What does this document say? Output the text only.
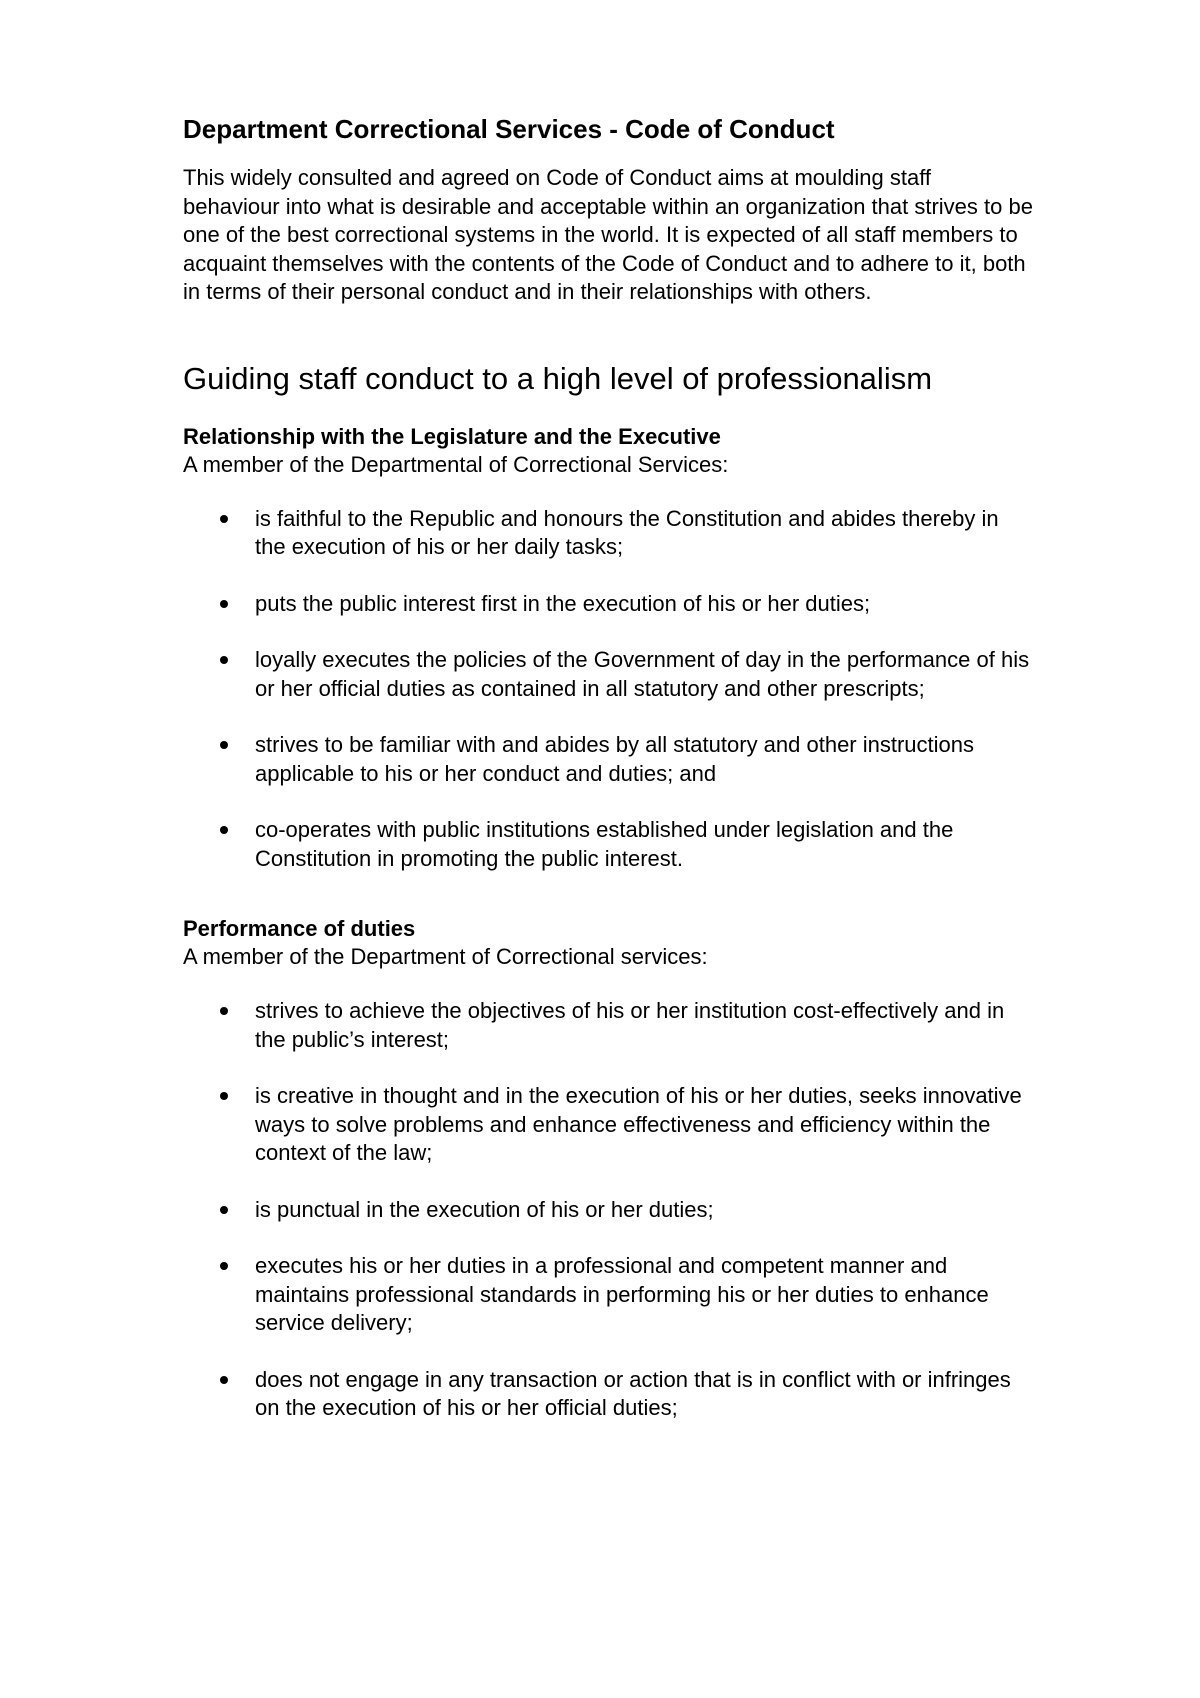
Department Correctional Services - Code of Conduct

This widely consulted and agreed on Code of Conduct aims at moulding staff behaviour into what is desirable and acceptable within an organization that strives to be one of the best correctional systems in the world. It is expected of all staff members to acquaint themselves with the contents of the Code of Conduct and to adhere to it, both in terms of their personal conduct and in their relationships with others.

Guiding staff conduct to a high level of professionalism

Relationship with the Legislature and the Executive

A member of the Departmental of Correctional Services:

is faithful to the Republic and honours the Constitution and abides thereby in the execution of his or her daily tasks;
puts the public interest first in the execution of his or her duties;
loyally executes the policies of the Government of day in the performance of his or her official duties as contained in all statutory and other prescripts;
strives to be familiar with and abides by all statutory and other instructions applicable to his or her conduct and duties; and
co-operates with public institutions established under legislation and the Constitution in promoting the public interest.

Performance of duties

A member of the Department of Correctional services:

strives to achieve the objectives of his or her institution cost-effectively and in the public’s interest;
is creative in thought and in the execution of his or her duties, seeks innovative ways to solve problems and enhance effectiveness and efficiency within the context of the law;
is punctual in the execution of his or her duties;
executes his or her duties in a professional and competent manner and maintains professional standards in performing his or her duties to enhance service delivery;
does not engage in any transaction or action that is in conflict with or infringes on the execution of his or her official duties;
